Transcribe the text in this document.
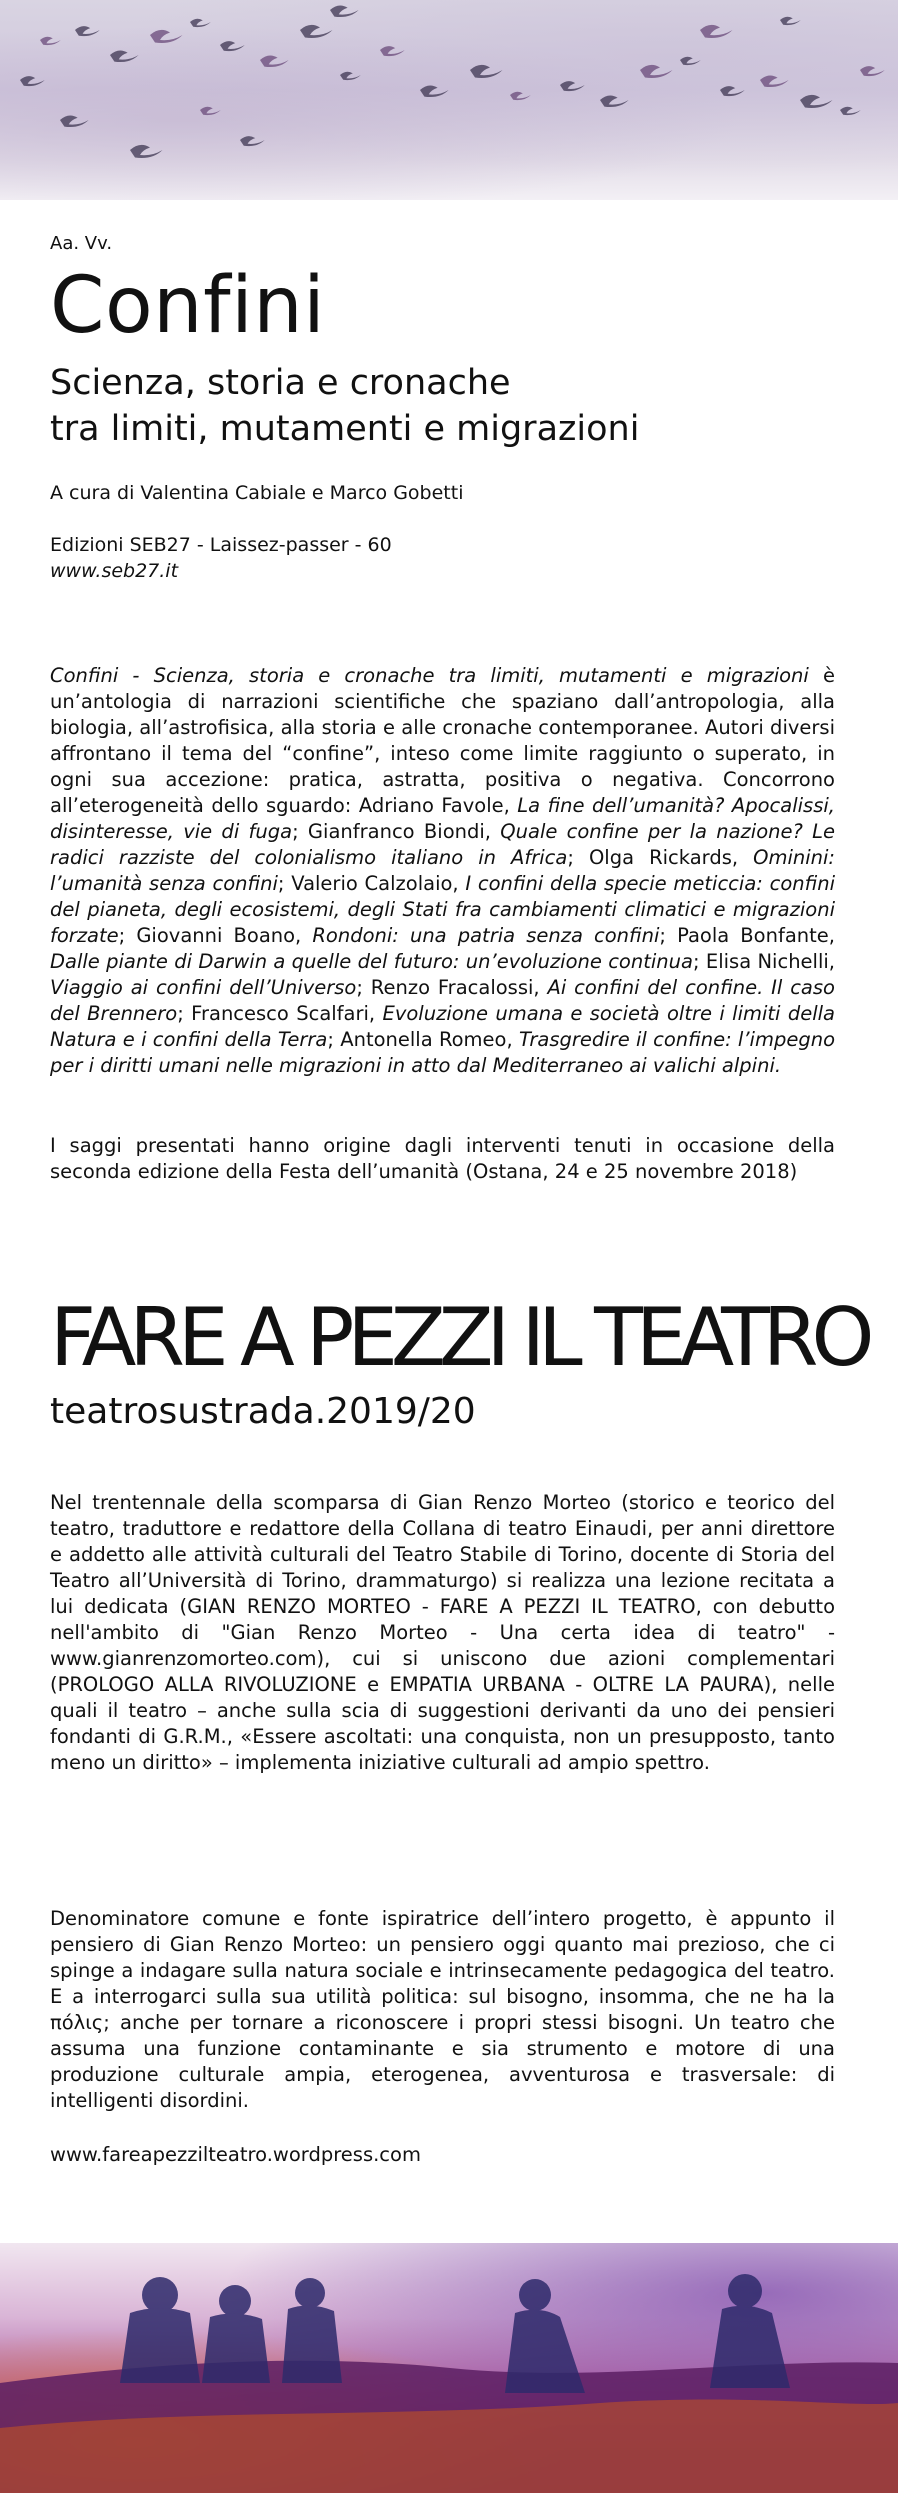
Aa. Vv.
Confini
Scienza, storia e cronache
tra limiti, mutamenti e migrazioni
A cura di Valentina Cabiale e Marco Gobetti
Edizioni SEB27 - Laissez-passer - 60
www.seb27.it

Confini - Scienza, storia e cronache tra limiti, mutamenti e migrazioni è un’antologia di narrazioni scientifiche che spaziano dall’antropologia, alla biologia, all’astrofisica, alla storia e alle cronache contemporanee. Autori diversi affrontano il tema del “confine”, inteso come limite raggiunto o superato, in ogni sua accezione: pratica, astratta, positiva o negativa. Concorrono all’eterogeneità dello sguardo: Adriano Favole, La fine dell’umanità? Apocalissi, disinteresse, vie di fuga; Gianfranco Biondi, Quale confine per la nazione? Le radici razziste del colonialismo italiano in Africa; Olga Rickards, Ominini: l’umanità senza confini; Valerio Calzolaio, I confini della specie meticcia: confini del pianeta, degli ecosistemi, degli Stati fra cambiamenti climatici e migrazioni forzate; Giovanni Boano, Rondoni: una patria senza confini; Paola Bonfante, Dalle piante di Darwin a quelle del futuro: un’evoluzione continua; Elisa Nichelli, Viaggio ai confini dell’Universo; Renzo Fracalossi, Ai confini del confine. Il caso del Brennero; Francesco Scalfari, Evoluzione umana e società oltre i limiti della Natura e i confini della Terra; Antonella Romeo, Trasgredire il confine: l’impegno per i diritti umani nelle migrazioni in atto dal Mediterraneo ai valichi alpini.

I saggi presentati hanno origine dagli interventi tenuti in occasione della seconda edizione della Festa dell’umanità (Ostana, 24 e 25 novembre 2018)

FARE A PEZZI IL TEATRO
teatrosustrada.2019/20

Nel trentennale della scomparsa di Gian Renzo Morteo (storico e teorico del teatro, traduttore e redattore della Collana di teatro Einaudi, per anni direttore e addetto alle attività culturali del Teatro Stabile di Torino, docente di Storia del Teatro all’Università di Torino, drammaturgo) si realizza una lezione recitata a lui dedicata (GIAN RENZO MORTEO - FARE A PEZZI IL TEATRO, con debutto nell'ambito di "Gian Renzo Morteo - Una certa idea di teatro" - www.gianrenzomorteo.com), cui si uniscono due azioni complementari (PROLOGO ALLA RIVOLUZIONE e EMPATIA URBANA - OLTRE LA PAURA), nelle quali il teatro – anche sulla scia di suggestioni derivanti da uno dei pensieri fondanti di G.R.M., «Essere ascoltati: una conquista, non un presupposto, tanto meno un diritto» – implementa iniziative culturali ad ampio spettro.

Denominatore comune e fonte ispiratrice dell’intero progetto, è appunto il pensiero di Gian Renzo Morteo: un pensiero oggi quanto mai prezioso, che ci spinge a indagare sulla natura sociale e intrinsecamente pedagogica del teatro. E a interrogarci sulla sua utilità politica: sul bisogno, insomma, che ne ha la πόλις; anche per tornare a riconoscere i propri stessi bisogni. Un teatro che assuma una funzione contaminante e sia strumento e motore di una produzione culturale ampia, eterogenea, avventurosa e trasversale: di intelligenti disordini.

www.fareapezzilteatro.wordpress.com
